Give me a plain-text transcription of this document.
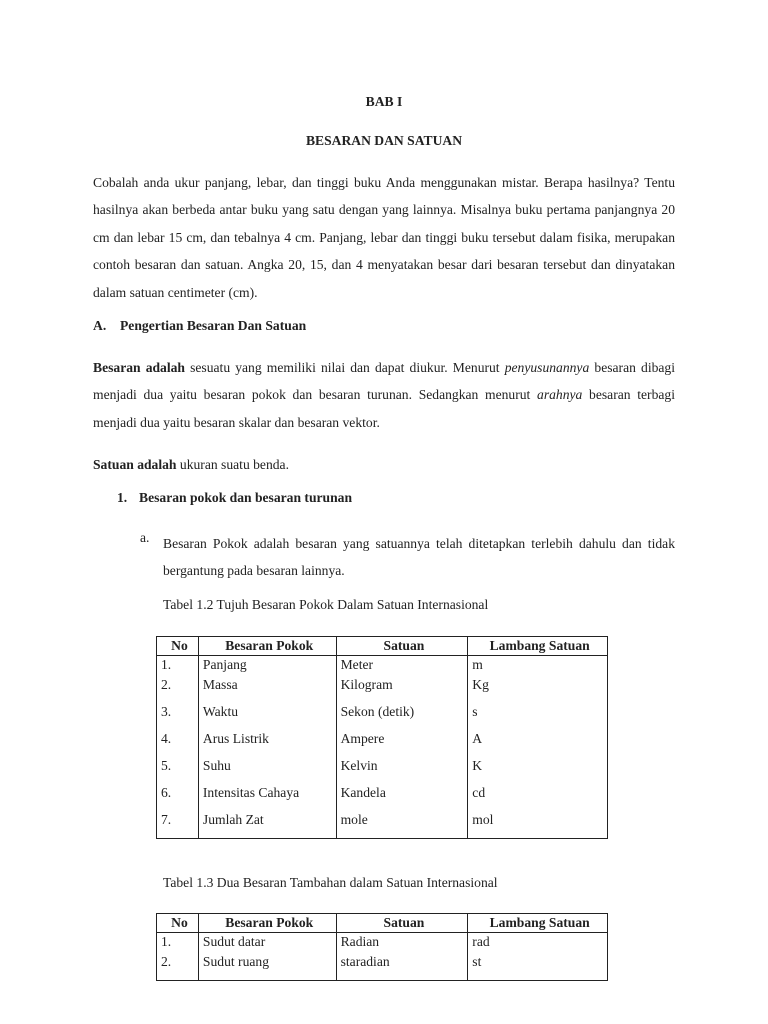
BAB I
BESARAN DAN SATUAN

Cobalah anda ukur panjang, lebar, dan tinggi buku Anda menggunakan mistar. Berapa hasilnya? Tentu hasilnya akan berbeda antar buku yang satu dengan yang lainnya. Misalnya buku pertama panjangnya 20 cm dan lebar 15 cm, dan tebalnya 4 cm. Panjang, lebar dan tinggi buku tersebut dalam fisika, merupakan contoh besaran dan satuan. Angka 20, 15, dan 4 menyatakan besar dari besaran tersebut dan dinyatakan dalam satuan centimeter (cm).

A. Pengertian Besaran Dan Satuan

Besaran adalah sesuatu yang memiliki nilai dan dapat diukur. Menurut penyusunannya besaran dibagi menjadi dua yaitu besaran pokok dan besaran turunan. Sedangkan menurut arahnya besaran terbagi menjadi dua yaitu besaran skalar dan besaran vektor.

Satuan adalah ukuran suatu benda.

1. Besaran pokok dan besaran turunan
a. Besaran Pokok adalah besaran yang satuannya telah ditetapkan terlebih dahulu dan tidak bergantung pada besaran lainnya.

Tabel 1.2 Tujuh Besaran Pokok Dalam Satuan Internasional
No	Besaran Pokok	Satuan	Lambang Satuan
1.	Panjang	Meter	m
2.	Massa	Kilogram	Kg
3.	Waktu	Sekon (detik)	s
4.	Arus Listrik	Ampere	A
5.	Suhu	Kelvin	K
6.	Intensitas Cahaya	Kandela	cd
7.	Jumlah Zat	mole	mol
Tabel 1.3 Dua Besaran Tambahan dalam Satuan Internasional
No	Besaran Pokok	Satuan	Lambang Satuan
1.	Sudut datar	Radian	rad
2.	Sudut ruang	staradian	st
